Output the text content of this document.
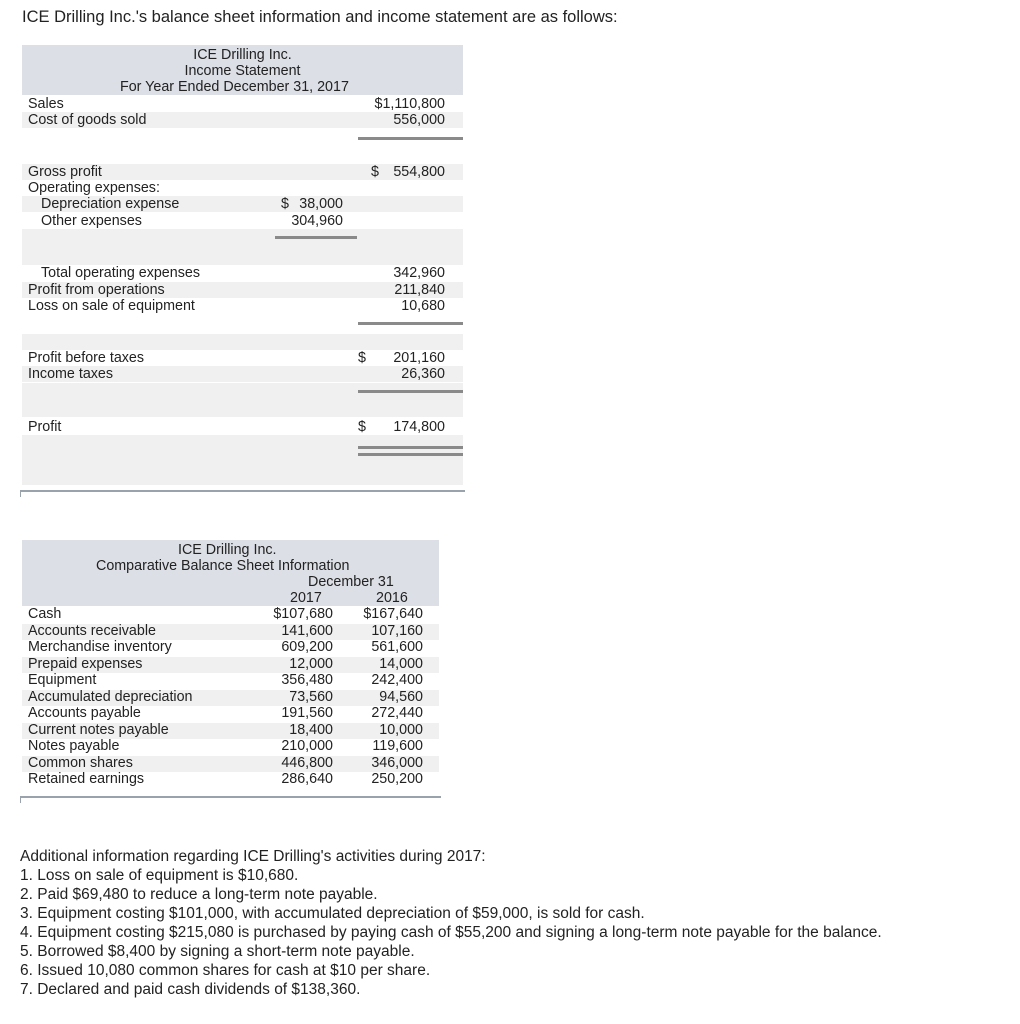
ICE Drilling Inc.'s balance sheet information and income statement are as follows:
ICE Drilling Inc.
Income Statement
For Year Ended December 31, 2017
Sales	$1,110,800
Cost of goods sold	556,000
Gross profit	$	554,800
Operating expenses:
Depreciation expense	$ 38,000
Other expenses	304,960
Total operating expenses	342,960
Profit from operations	211,840
Loss on sale of equipment	10,680
Profit before taxes	$	201,160
Income taxes	26,360
Profit	$	174,800
ICE Drilling Inc.
Comparative Balance Sheet Information
December 31
2017	2016
Cash	$107,680	$167,640
Accounts receivable	141,600	107,160
Merchandise inventory	609,200	561,600
Prepaid expenses	12,000	14,000
Equipment	356,480	242,400
Accumulated depreciation	73,560	94,560
Accounts payable	191,560	272,440
Current notes payable	18,400	10,000
Notes payable	210,000	119,600
Common shares	446,800	346,000
Retained earnings	286,640	250,200
Additional information regarding ICE Drilling's activities during 2017:
1. Loss on sale of equipment is $10,680.
2. Paid $69,480 to reduce a long-term note payable.
3. Equipment costing $101,000, with accumulated depreciation of $59,000, is sold for cash.
4. Equipment costing $215,080 is purchased by paying cash of $55,200 and signing a long-term note payable for the balance.
5. Borrowed $8,400 by signing a short-term note payable.
6. Issued 10,080 common shares for cash at $10 per share.
7. Declared and paid cash dividends of $138,360.
